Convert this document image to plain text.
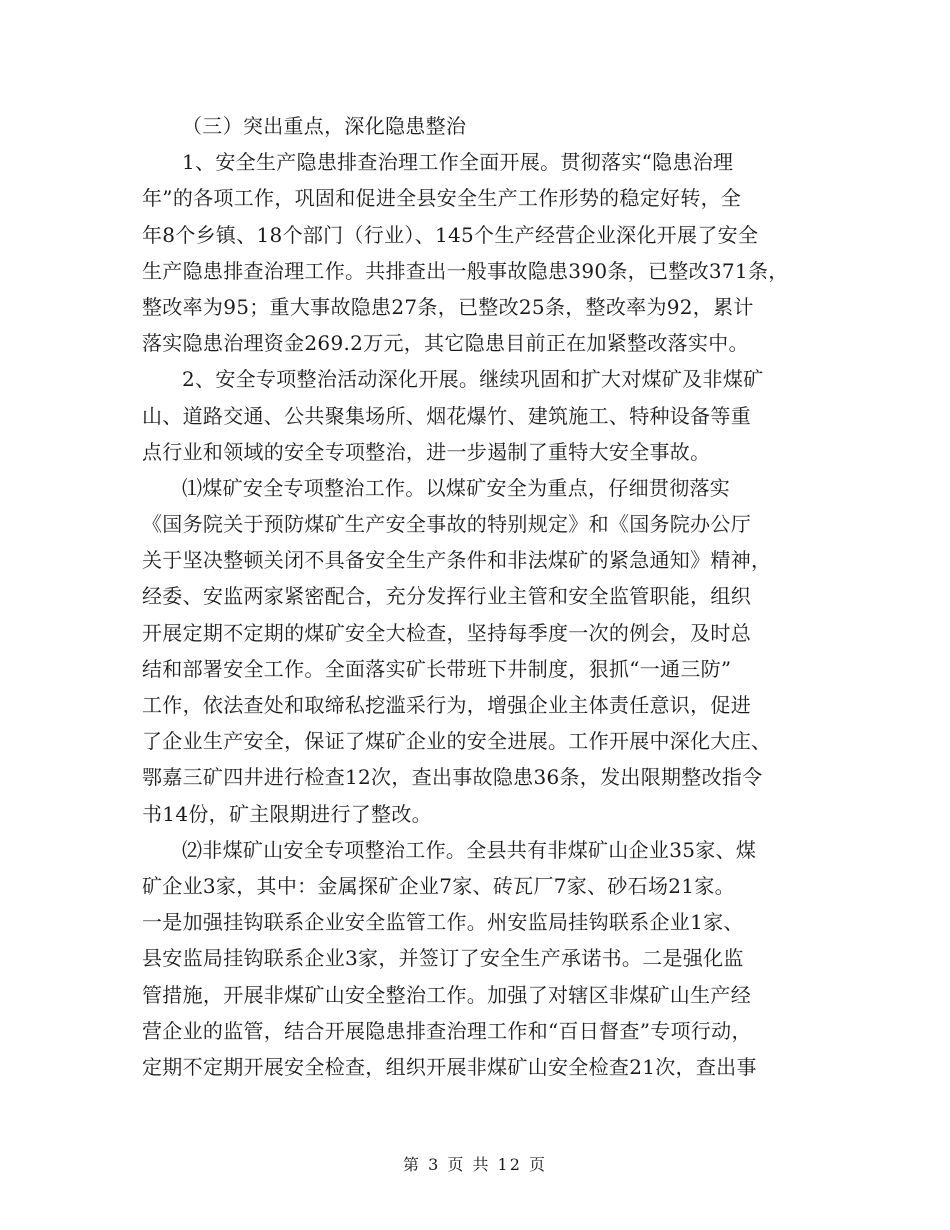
（三）突出重点，深化隐患整治
1、安全生产隐患排查治理工作全面开展。贯彻落实“隐患治理
年”的各项工作，巩固和促进全县安全生产工作形势的稳定好转，全
年8个乡镇、18个部门（行业）、145个生产经营企业深化开展了安全
生产隐患排查治理工作。共排查出一般事故隐患390条，已整改371条，
整改率为95；重大事故隐患27条，已整改25条，整改率为92，累计
落实隐患治理资金269.2万元，其它隐患目前正在加紧整改落实中。
2、安全专项整治活动深化开展。继续巩固和扩大对煤矿及非煤矿
山、道路交通、公共聚集场所、烟花爆竹、建筑施工、特种设备等重
点行业和领域的安全专项整治，进一步遏制了重特大安全事故。
⑴煤矿安全专项整治工作。以煤矿安全为重点，仔细贯彻落实
《国务院关于预防煤矿生产安全事故的特别规定》和《国务院办公厅
关于坚决整顿关闭不具备安全生产条件和非法煤矿的紧急通知》精神，
经委、安监两家紧密配合，充分发挥行业主管和安全监管职能，组织
开展定期不定期的煤矿安全大检查，坚持每季度一次的例会，及时总
结和部署安全工作。全面落实矿长带班下井制度，狠抓“一通三防”
工作，依法查处和取缔私挖滥采行为，增强企业主体责任意识，促进
了企业生产安全，保证了煤矿企业的安全进展。工作开展中深化大庄、
鄂嘉三矿四井进行检查12次，查出事故隐患36条，发出限期整改指令
书14份，矿主限期进行了整改。
⑵非煤矿山安全专项整治工作。全县共有非煤矿山企业35家、煤
矿企业3家，其中：金属探矿企业7家、砖瓦厂7家、砂石场21家。
一是加强挂钩联系企业安全监管工作。州安监局挂钩联系企业1家、
县安监局挂钩联系企业3家，并签订了安全生产承诺书。二是强化监
管措施，开展非煤矿山安全整治工作。加强了对辖区非煤矿山生产经
营企业的监管，结合开展隐患排查治理工作和“百日督查”专项行动，
定期不定期开展安全检查，组织开展非煤矿山安全检查21次，查出事
第 3 页 共 12 页
